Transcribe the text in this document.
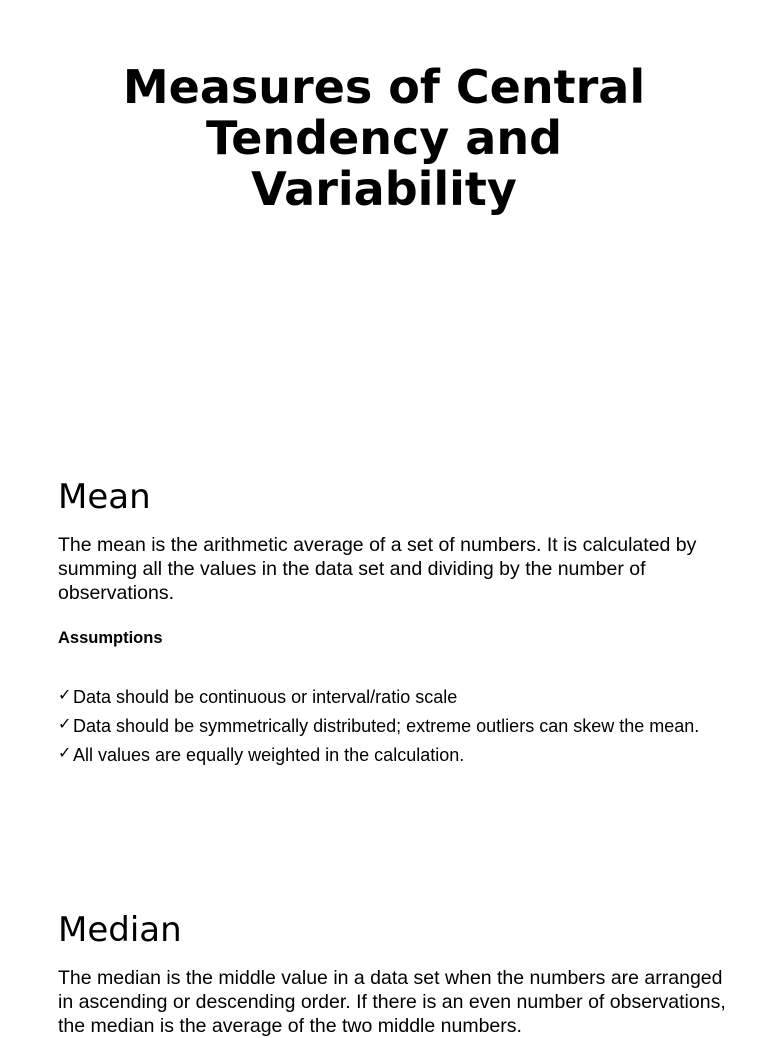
Measures of Central
Tendency and
Variability
Mean

The mean is the arithmetic average of a set of numbers. It is calculated by summing all the values in the data set and dividing by the number of observations.

Assumptions

✓ Data should be continuous or interval/ratio scale
✓ Data should be symmetrically distributed; extreme outliers can skew the mean.
✓ All values are equally weighted in the calculation.
Median

The median is the middle value in a data set when the numbers are arranged in ascending or descending order. If there is an even number of observations, the median is the average of the two middle numbers.
